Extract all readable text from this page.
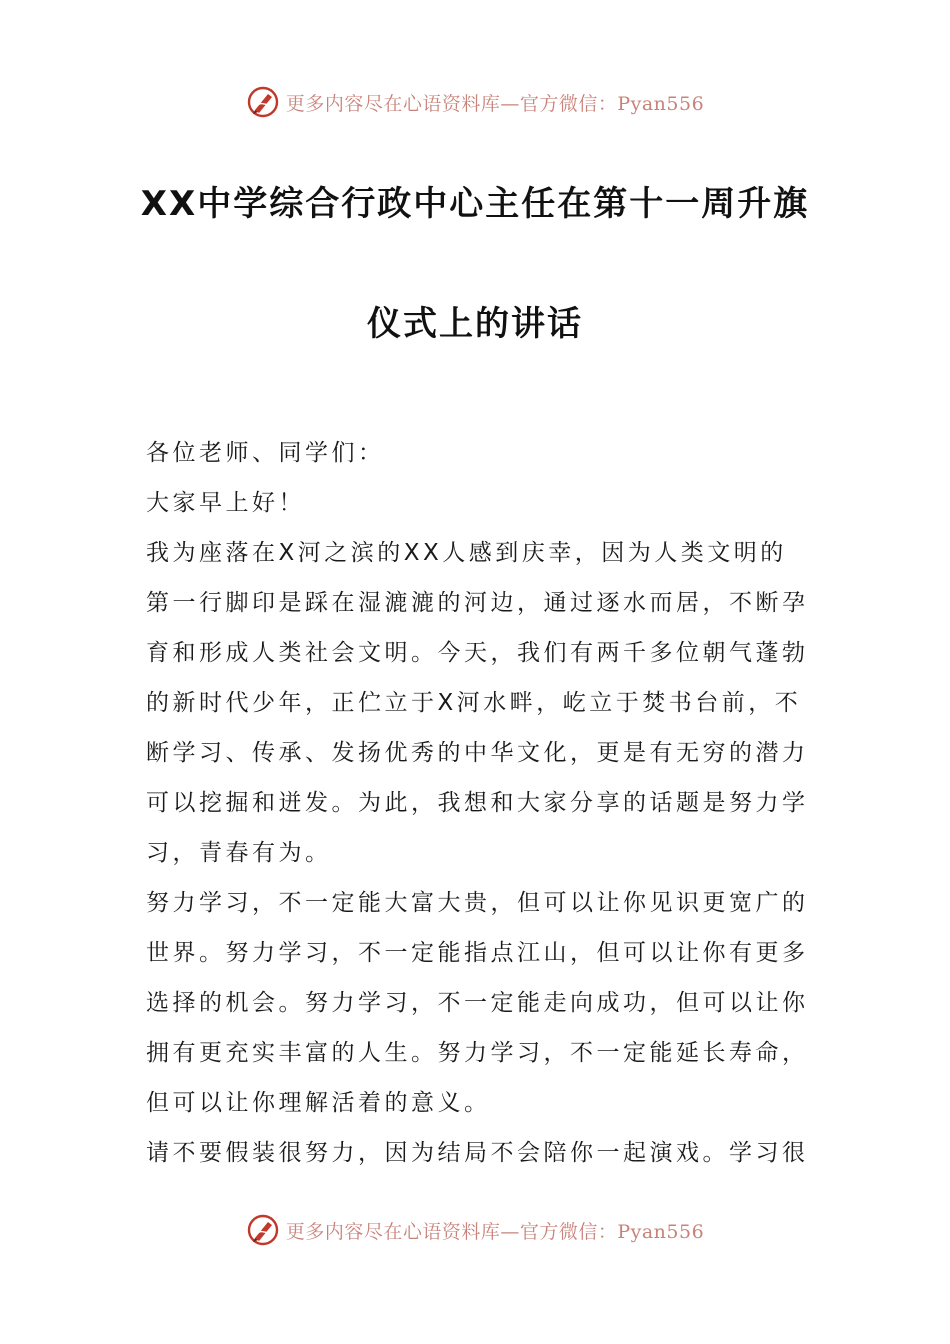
更多内容尽在心语资料库—官方微信：Pyan556
XX中学综合行政中心主任在第十一周升旗
仪式上的讲话

各位老师、同学们：

大家早上好！

我为座落在X河之滨的XX人感到庆幸，因为人类文明的第一行脚印是踩在湿漉漉的河边，通过逐水而居，不断孕育和形成人类社会文明。今天，我们有两千多位朝气蓬勃的新时代少年，正伫立于X河水畔，屹立于焚书台前，不断学习、传承、发扬优秀的中华文化，更是有无穷的潜力可以挖掘和迸发。为此，我想和大家分享的话题是努力学习，青春有为。

努力学习，不一定能大富大贵，但可以让你见识更宽广的世界。努力学习，不一定能指点江山，但可以让你有更多选择的机会。努力学习，不一定能走向成功，但可以让你拥有更充实丰富的人生。努力学习，不一定能延长寿命，但可以让你理解活着的意义。

请不要假装很努力，因为结局不会陪你一起演戏。学习很

更多内容尽在心语资料库—官方微信：Pyan556
